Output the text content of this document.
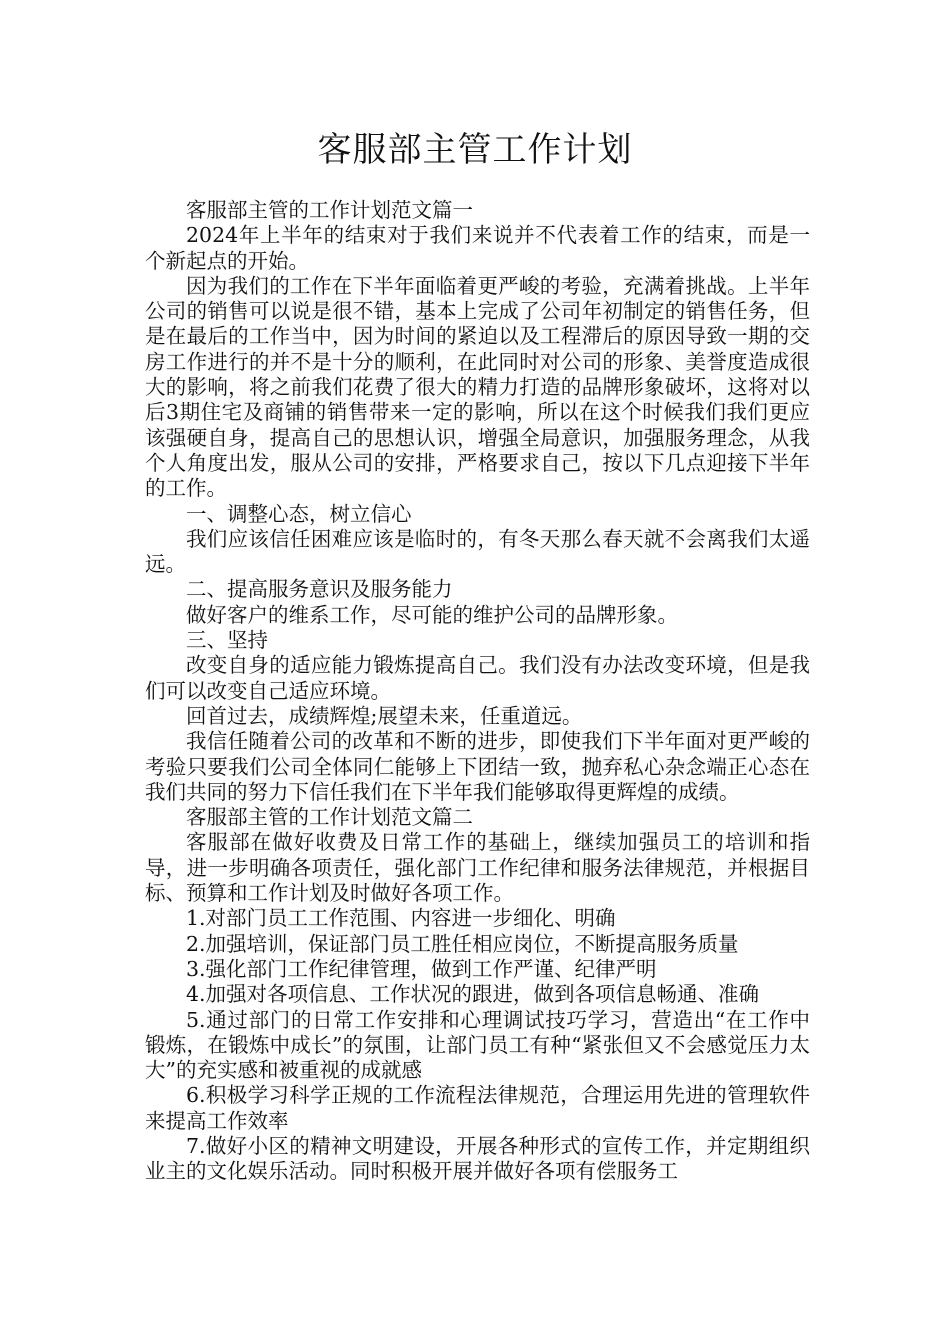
客服部主管工作计划

客服部主管的工作计划范文篇一

2024年上半年的结束对于我们来说并不代表着工作的结束，而是一个新起点的开始。

因为我们的工作在下半年面临着更严峻的考验，充满着挑战。上半年公司的销售可以说是很不错，基本上完成了公司年初制定的销售任务，但是在最后的工作当中，因为时间的紧迫以及工程滞后的原因导致一期的交房工作进行的并不是十分的顺利，在此同时对公司的形象、美誉度造成很大的影响，将之前我们花费了很大的精力打造的品牌形象破坏，这将对以后3期住宅及商铺的销售带来一定的影响，所以在这个时候我们我们更应该强硬自身，提高自己的思想认识，增强全局意识，加强服务理念，从我个人角度出发，服从公司的安排，严格要求自己，按以下几点迎接下半年的工作。

一、调整心态，树立信心

我们应该信任困难应该是临时的，有冬天那么春天就不会离我们太遥远。

二、提高服务意识及服务能力

做好客户的维系工作，尽可能的维护公司的品牌形象。

三、坚持

改变自身的适应能力锻炼提高自己。我们没有办法改变环境，但是我们可以改变自己适应环境。

回首过去，成绩辉煌;展望未来，任重道远。

我信任随着公司的改革和不断的进步，即使我们下半年面对更严峻的考验只要我们公司全体同仁能够上下团结一致，抛弃私心杂念端正心态在我们共同的努力下信任我们在下半年我们能够取得更辉煌的成绩。

客服部主管的工作计划范文篇二

客服部在做好收费及日常工作的基础上，继续加强员工的培训和指导，进一步明确各项责任，强化部门工作纪律和服务法律规范，并根据目标、预算和工作计划及时做好各项工作。

1.对部门员工工作范围、内容进一步细化、明确

2.加强培训，保证部门员工胜任相应岗位，不断提高服务质量

3.强化部门工作纪律管理，做到工作严谨、纪律严明

4.加强对各项信息、工作状况的跟进，做到各项信息畅通、准确

5.通过部门的日常工作安排和心理调试技巧学习，营造出“在工作中锻炼，在锻炼中成长”的氛围，让部门员工有种“紧张但又不会感觉压力太大”的充实感和被重视的成就感

6.积极学习科学正规的工作流程法律规范，合理运用先进的管理软件来提高工作效率

7.做好小区的精神文明建设，开展各种形式的宣传工作，并定期组织业主的文化娱乐活动。同时积极开展并做好各项有偿服务工
